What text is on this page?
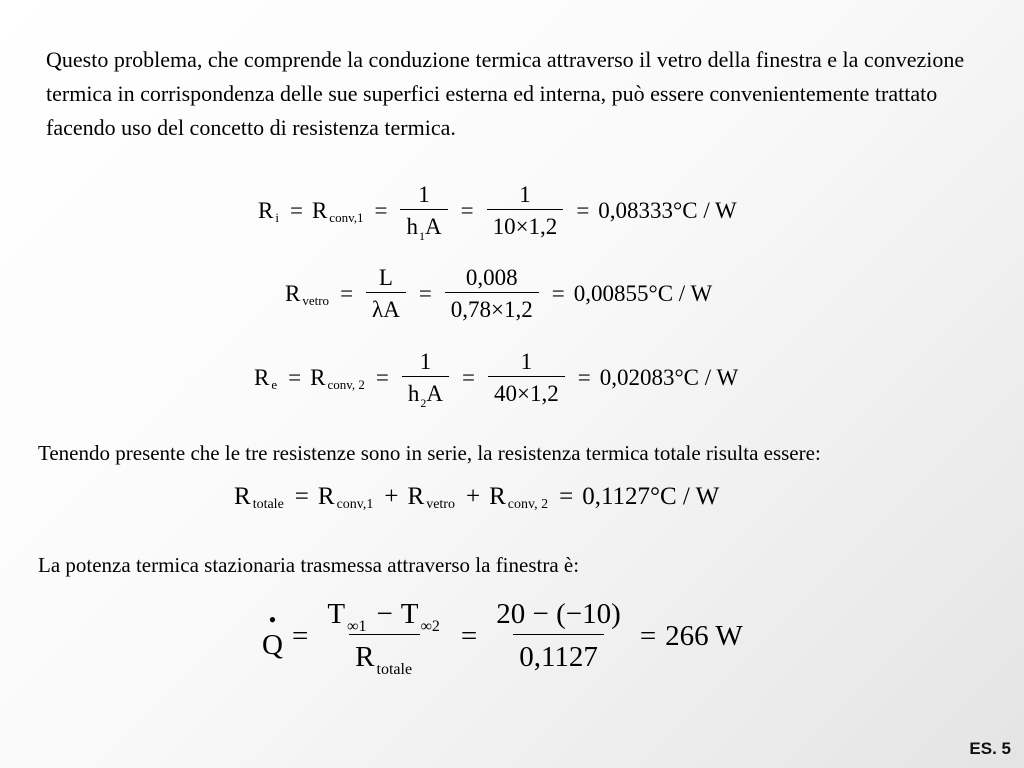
Questo problema, che comprende la conduzione termica attraverso il vetro della finestra e la convezione termica in corrispondenza delle sue superfici esterna ed interna, può essere convenientemente trattato facendo uso del concetto di resistenza termica.

R i = R conv,1 = $\frac{1}{h_1A} = \frac{1}{10\times 1,2} = 0,08333^\circ C / W$
R vetro = $\frac{L}{\lambda A} = \frac{0,008}{0,78\times 1,2} = 0,00855^\circ C / W$
R e = R conv, $2 = \frac{1}{h_2A} = \frac{1}{40\times 1,2} = 0,02083^\circ C / W$

Tenendo presente che le tre resistenze sono in serie, la resistenza termica totale risulta essere:

R totale = R conv,1 + R vetro + R conv, 2 = 0,1127°C / W

La potenza termica stazionaria trasmessa attraverso la finestra è:

•
$Q = \frac{T _{\infty 1} - T _{\infty 2}}{R _{totale}} = \frac{20 - (-10)}{0,1127} = 266$ W
ES. 5
